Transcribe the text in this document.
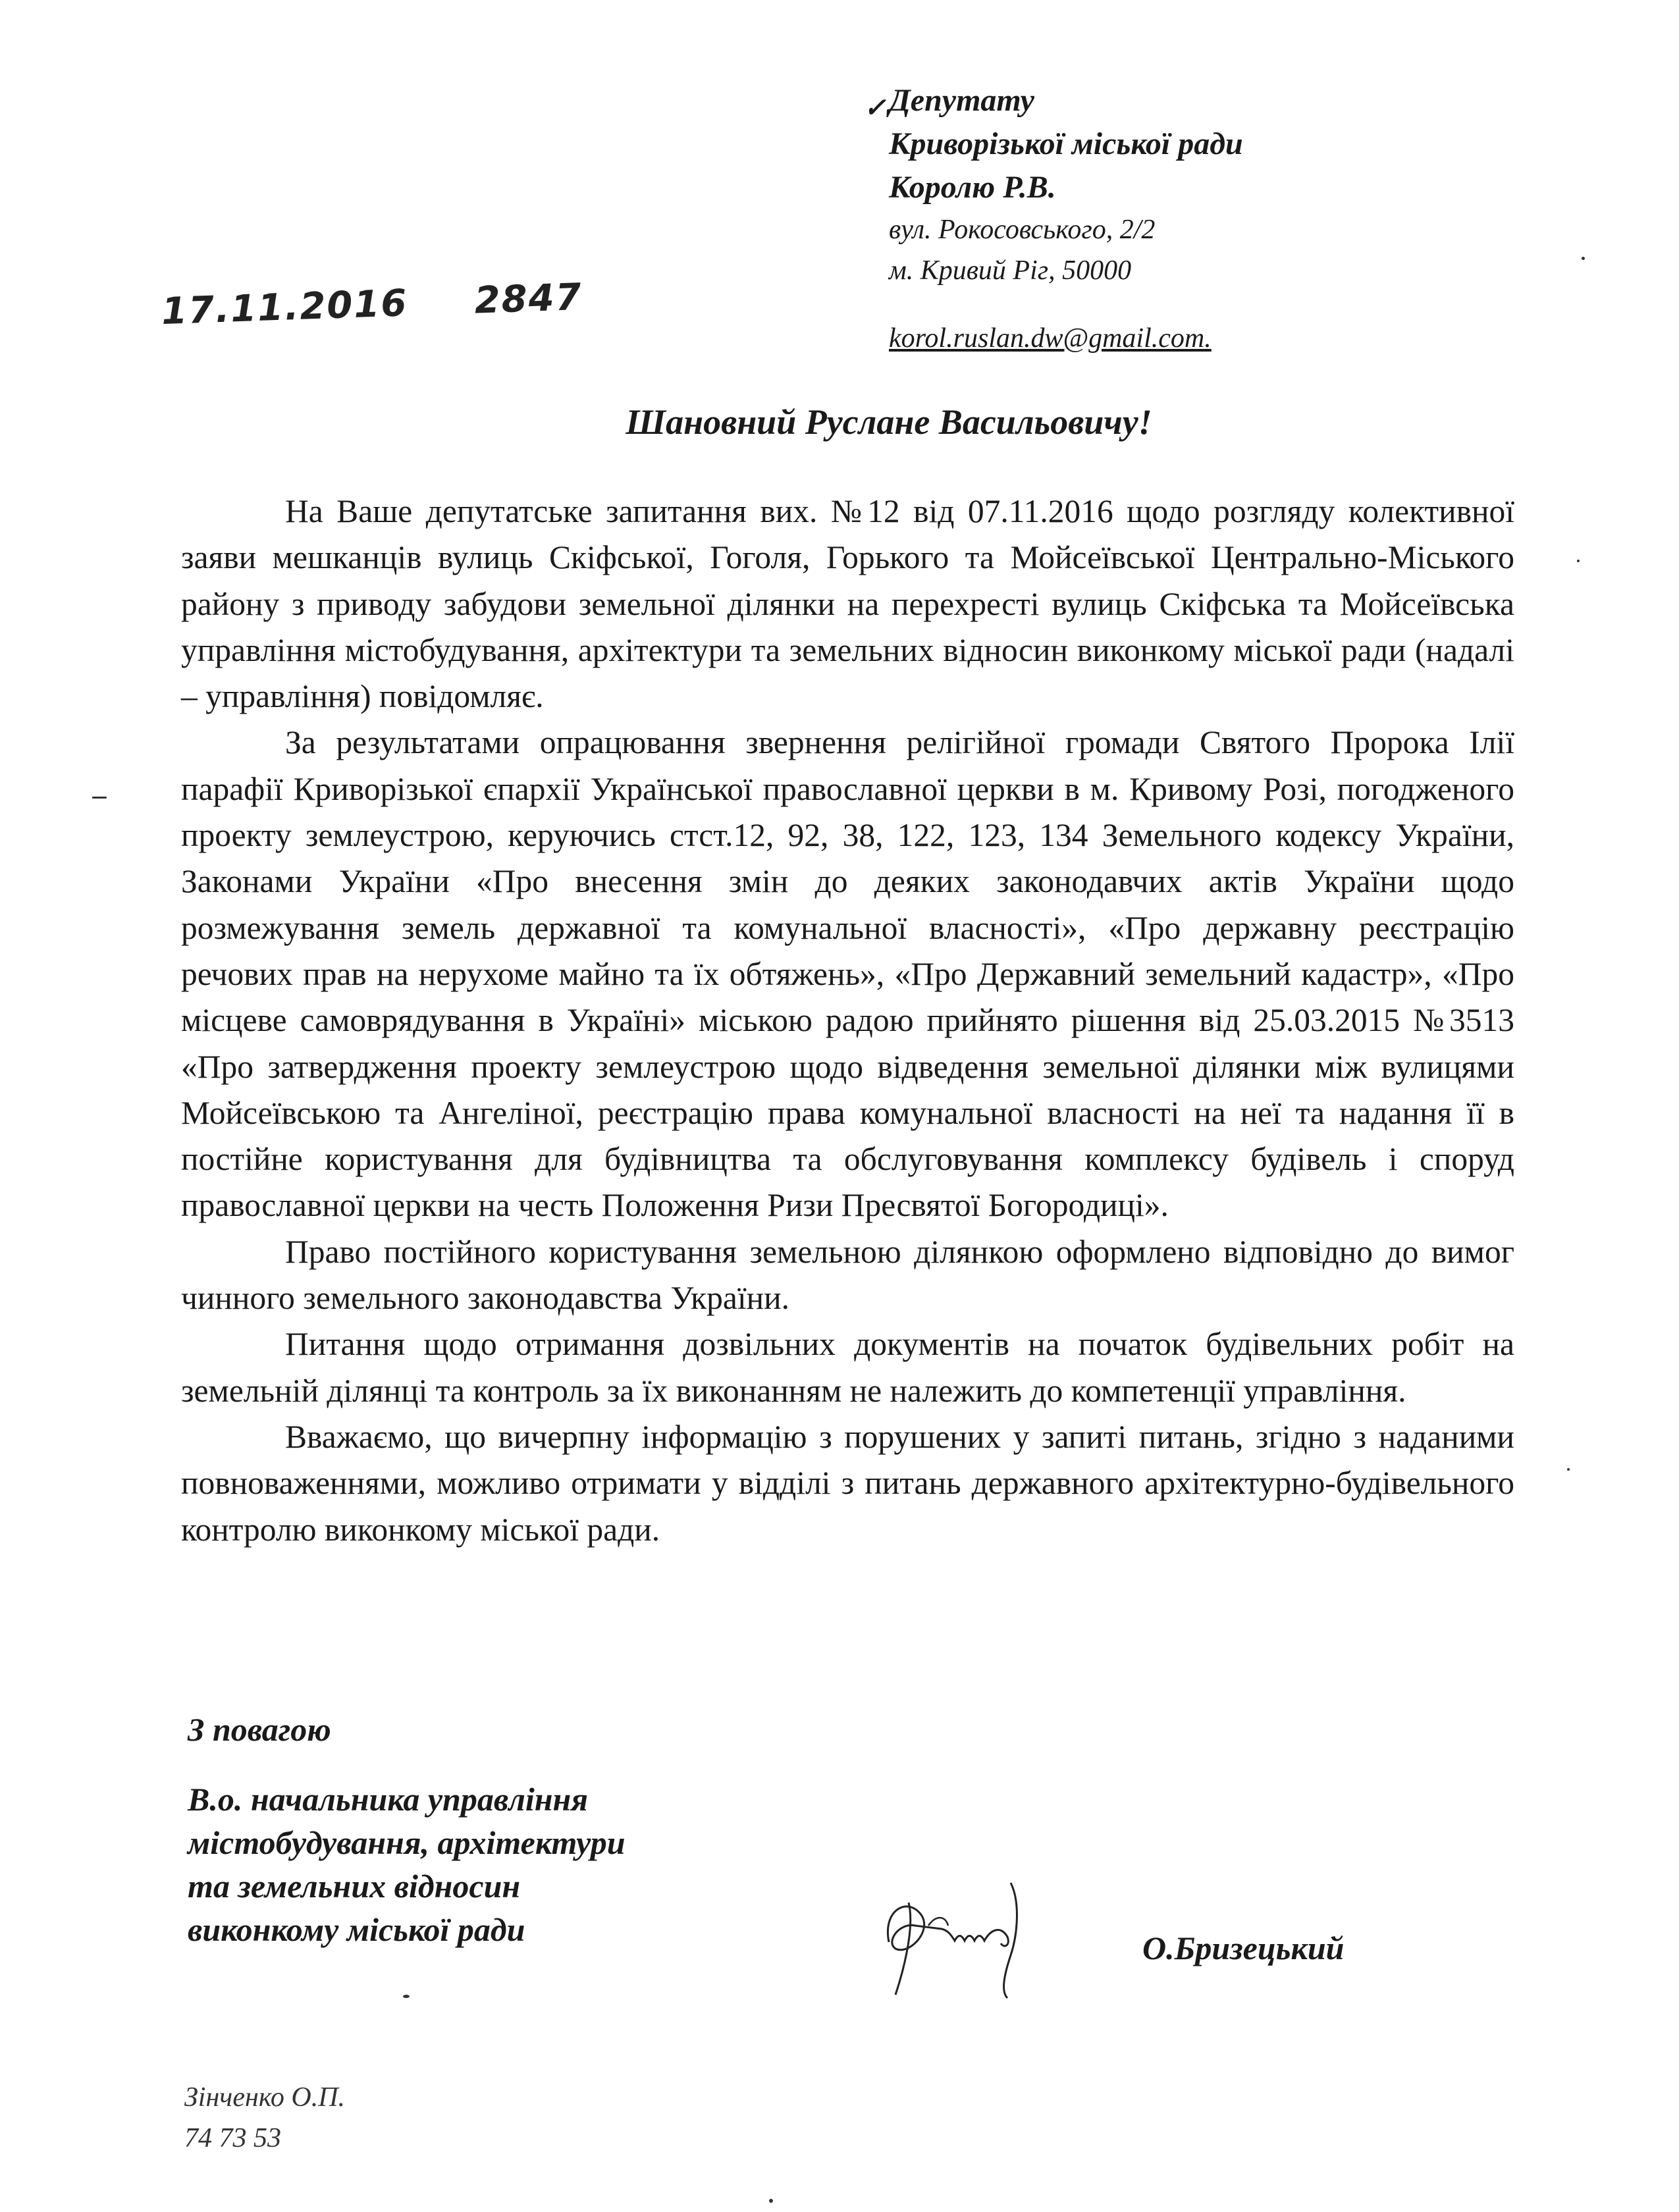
✓ Депутату

Криворізької міської ради

Королю Р.В.

вул. Рокосовського, 2/2

м. Кривий Ріг, 50000

korol.ruslan.dw@gmail.com.
17.11.2016 2847
Шановний Руслане Васильовичу!

На Ваше депутатське запитання вих. №12 від 07.11.2016 щодо розгляду колективної заяви мешканців вулиць Скіфської, Гоголя, Горького та Мойсеївської Центрально-Міського району з приводу забудови земельної ділянки на перехресті вулиць Скіфська та Мойсеївська управління містобудування, архітектури та земельних відносин виконкому міської ради (надалі – управління) повідомляє.

За результатами опрацювання звернення релігійної громади Святого Пророка Ілії парафії Криворізької єпархії Української православної церкви в м. Кривому Розі, погодженого проекту землеустрою, керуючись стст.12, 92, 38, 122, 123, 134 Земельного кодексу України, Законами України «Про внесення змін до деяких законодавчих актів України щодо розмежування земель державної та комунальної власності», «Про державну реєстрацію речових прав на нерухоме майно та їх обтяжень», «Про Державний земельний кадастр», «Про місцеве самоврядування в Україні» міською радою прийнято рішення від 25.03.2015 №3513 «Про затвердження проекту землеустрою щодо відведення земельної ділянки між вулицями Мойсеївською та Ангеліної, реєстрацію права комунальної власності на неї та надання її в постійне користування для будівництва та обслуговування комплексу будівель і споруд православної церкви на честь Положення Ризи Пресвятої Богородиці».

Право постійного користування земельною ділянкою оформлено відповідно до вимог чинного земельного законодавства України.

Питання щодо отримання дозвільних документів на початок будівельних робіт на земельній ділянці та контроль за їх виконанням не належить до компетенції управління.

Вважаємо, що вичерпну інформацію з порушених у запиті питань, згідно з наданими повноваженнями, можливо отримати у відділі з питань державного архітектурно-будівельного контролю виконкому міської ради.

З повагою

В.о. начальника управління
містобудування, архітектури
та земельних відносин
виконкому міської ради	О.Бризецький
Зінченко О.П.
74 73 53
